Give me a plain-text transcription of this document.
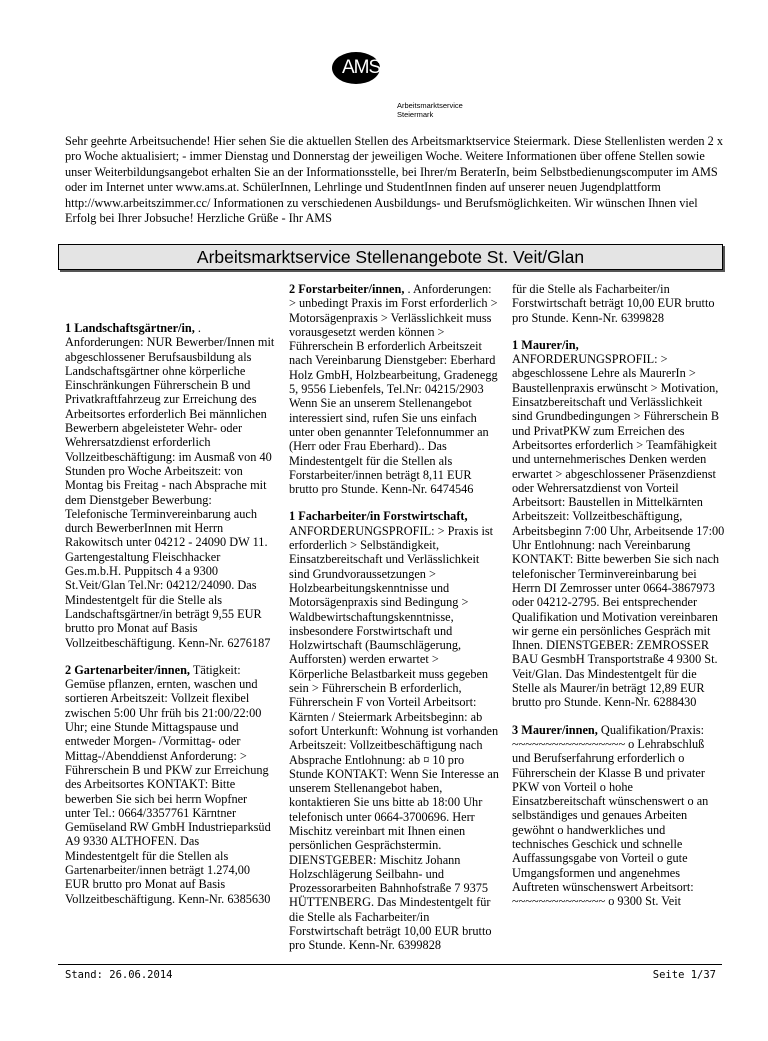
AMS
Arbeitsmarktservice
Steiermark

Sehr geehrte Arbeitsuchende! Hier sehen Sie die aktuellen Stellen des Arbeitsmarktservice Steiermark. Diese Stellenlisten werden 2 x pro Woche aktualisiert; - immer Dienstag und Donnerstag der jeweiligen Woche. Weitere Informationen über offene Stellen sowie unser Weiterbildungsangebot erhalten Sie an der Informationsstelle, bei Ihrer/m BeraterIn, beim Selbstbedienungscomputer im AMS oder im Internet unter www.ams.at. SchülerInnen, Lehrlinge und StudentInnen finden auf unserer neuen Jugendplattform http://www.arbeitszimmer.cc/ Informationen zu verschiedenen Ausbildungs- und Berufsmöglichkeiten. Wir wünschen Ihnen viel Erfolg bei Ihrer Jobsuche! Herzliche Grüße - Ihr AMS

Arbeitsmarktservice Stellenangebote St. Veit/Glan

1 Landschaftsgärtner/in, . Anforderungen: NUR Bewerber/Innen mit abgeschlossener Berufsausbildung als Landschaftsgärtner ohne körperliche Einschränkungen Führerschein B und Privatkraftfahrzeug zur Erreichung des Arbeitsortes erforderlich Bei männlichen Bewerbern abgeleisteter Wehr- oder Wehrersatzdienst erforderlich Vollzeitbeschäftigung: im Ausmaß von 40 Stunden pro Woche Arbeitszeit: von Montag bis Freitag - nach Absprache mit dem Dienstgeber Bewerbung: Telefonische Terminvereinbarung auch durch BewerberInnen mit Herrn Rakowitsch unter 04212 - 24090 DW 11. Gartengestaltung Fleischhacker Ges.m.b.H. Puppitsch 4 a 9300 St.Veit/Glan Tel.Nr: 04212/24090. Das Mindestentgelt für die Stelle als Landschaftsgärtner/in beträgt 9,55 EUR brutto pro Monat auf Basis Vollzeitbeschäftigung. Kenn-Nr. 6276187

2 Gartenarbeiter/innen, Tätigkeit: Gemüse pflanzen, ernten, waschen und sortieren Arbeitszeit: Vollzeit flexibel zwischen 5:00 Uhr früh bis 21:00/22:00 Uhr; eine Stunde Mittagspause und entweder Morgen- /Vormittag- oder Mittag-/Abenddienst Anforderung: > Führerschein B und PKW zur Erreichung des Arbeitsortes KONTAKT: Bitte bewerben Sie sich bei herrn Wopfner unter Tel.: 0664/3357761 Kärntner Gemüseland RW GmbH Industrieparksüd A9 9330 ALTHOFEN. Das Mindestentgelt für die Stellen als Gartenarbeiter/innen beträgt 1.274,00 EUR brutto pro Monat auf Basis Vollzeitbeschäftigung. Kenn-Nr. 6385630

2 Forstarbeiter/innen, . Anforderungen: > unbedingt Praxis im Forst erforderlich > Motorsägenpraxis > Verlässlichkeit muss vorausgesetzt werden können > Führerschein B erforderlich Arbeitszeit nach Vereinbarung Dienstgeber: Eberhard Holz GmbH, Holzbearbeitung, Gradenegg 5, 9556 Liebenfels, Tel.Nr: 04215/2903 Wenn Sie an unserem Stellenangebot interessiert sind, rufen Sie uns einfach unter oben genannter Telefonnummer an (Herr oder Frau Eberhard).. Das Mindestentgelt für die Stellen als Forstarbeiter/innen beträgt 8,11 EUR brutto pro Stunde. Kenn-Nr. 6474546

1 Facharbeiter/in Forstwirtschaft, ANFORDERUNGSPROFIL: > Praxis ist erforderlich > Selbständigkeit, Einsatzbereitschaft und Verlässlichkeit sind Grundvoraussetzungen > Holzbearbeitungskenntnisse und Motorsägenpraxis sind Bedingung > Waldbewirtschaftungskenntnisse, insbesondere Forstwirtschaft und Holzwirtschaft (Baumschlägerung, Aufforsten) werden erwartet > Körperliche Belastbarkeit muss gegeben sein > Führerschein B erforderlich, Führerschein F von Vorteil Arbeitsort: Kärnten / Steiermark Arbeitsbeginn: ab sofort Unterkunft: Wohnung ist vorhanden Arbeitszeit: Vollzeitbeschäftigung nach Absprache Entlohnung: ab ¤ 10 pro Stunde KONTAKT: Wenn Sie Interesse an unserem Stellenangebot haben, kontaktieren Sie uns bitte ab 18:00 Uhr telefonisch unter 0664-3700696. Herr Mischitz vereinbart mit Ihnen einen persönlichen Gesprächstermin. DIENSTGEBER: Mischitz Johann Holzschlägerung Seilbahn- und Prozessorarbeiten Bahnhofstraße 7 9375 HÜTTENBERG. Das Mindestentgelt für die Stelle als Facharbeiter/in Forstwirtschaft beträgt 10,00 EUR brutto pro Stunde. Kenn-Nr. 6399828

für die Stelle als Facharbeiter/in Forstwirtschaft beträgt 10,00 EUR brutto pro Stunde. Kenn-Nr. 6399828

1 Maurer/in, ANFORDERUNGSPROFIL: > abgeschlossene Lehre als MaurerIn > Baustellenpraxis erwünscht > Motivation, Einsatzbereitschaft und Verlässlichkeit sind Grundbedingungen > Führerschein B und PrivatPKW zum Erreichen des Arbeitsortes erforderlich > Teamfähigkeit und unternehmerisches Denken werden erwartet > abgeschlossener Präsenzdienst oder Wehrersatzdienst von Vorteil Arbeitsort: Baustellen in Mittelkärnten Arbeitszeit: Vollzeitbeschäftigung, Arbeitsbeginn 7:00 Uhr, Arbeitsende 17:00 Uhr Entlohnung: nach Vereinbarung KONTAKT: Bitte bewerben Sie sich nach telefonischer Terminvereinbarung bei Herrn DI Zemrosser unter 0664-3867973 oder 04212-2795. Bei entsprechender Qualifikation und Motivation vereinbaren wir gerne ein persönliches Gespräch mit Ihnen. DIENSTGEBER: ZEMROSSER BAU GesmbH Transportstraße 4 9300 St. Veit/Glan. Das Mindestentgelt für die Stelle als Maurer/in beträgt 12,89 EUR brutto pro Stunde. Kenn-Nr. 6288430

3 Maurer/innen, Qualifikation/Praxis: ~~~~~~~~~~~~~~~~~ o Lehrabschluß und Berufserfahrung erforderlich o Führerschein der Klasse B und privater PKW von Vorteil o hohe Einsatzbereitschaft wünschenswert o an selbständiges und genaues Arbeiten gewöhnt o handwerkliches und technisches Geschick und schnelle Auffassungsgabe von Vorteil o gute Umgangsformen und angenehmes Auftreten wünschenswert Arbeitsort: ~~~~~~~~~~~~~~ o 9300 St. Veit

Stand: 26.06.2014	Seite 1/37
